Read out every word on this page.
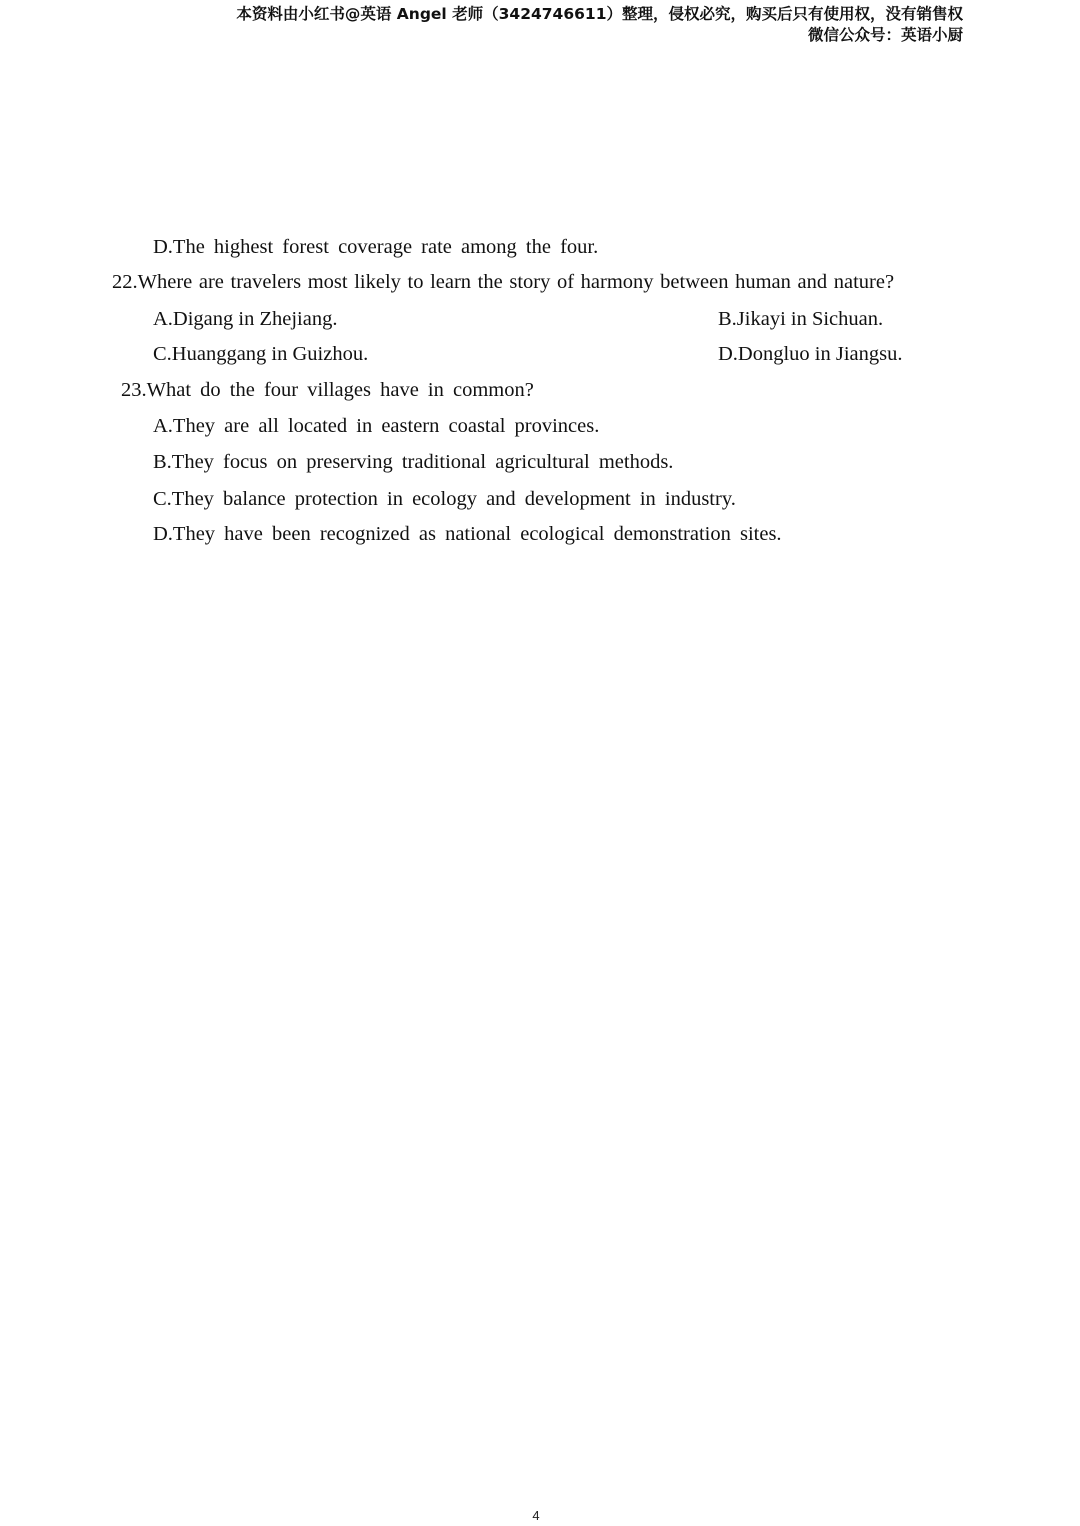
本资料由小红书@英语 Angel 老师（3424746611）整理，侵权必究，购买后只有使用权，没有销售权
微信公众号：英语小厨
D.The highest forest coverage rate among the four.
22.Where are travelers most likely to learn the story of harmony between human and nature?
A.Digang in Zhejiang.	B.Jikayi in Sichuan.
C.Huanggang in Guizhou.	D.Dongluo in Jiangsu.
23.What do the four villages have in common?
A.They are all located in eastern coastal provinces.
B.They focus on preserving traditional agricultural methods.
C.They balance protection in ecology and development in industry.
D.They have been recognized as national ecological demonstration sites.
4
